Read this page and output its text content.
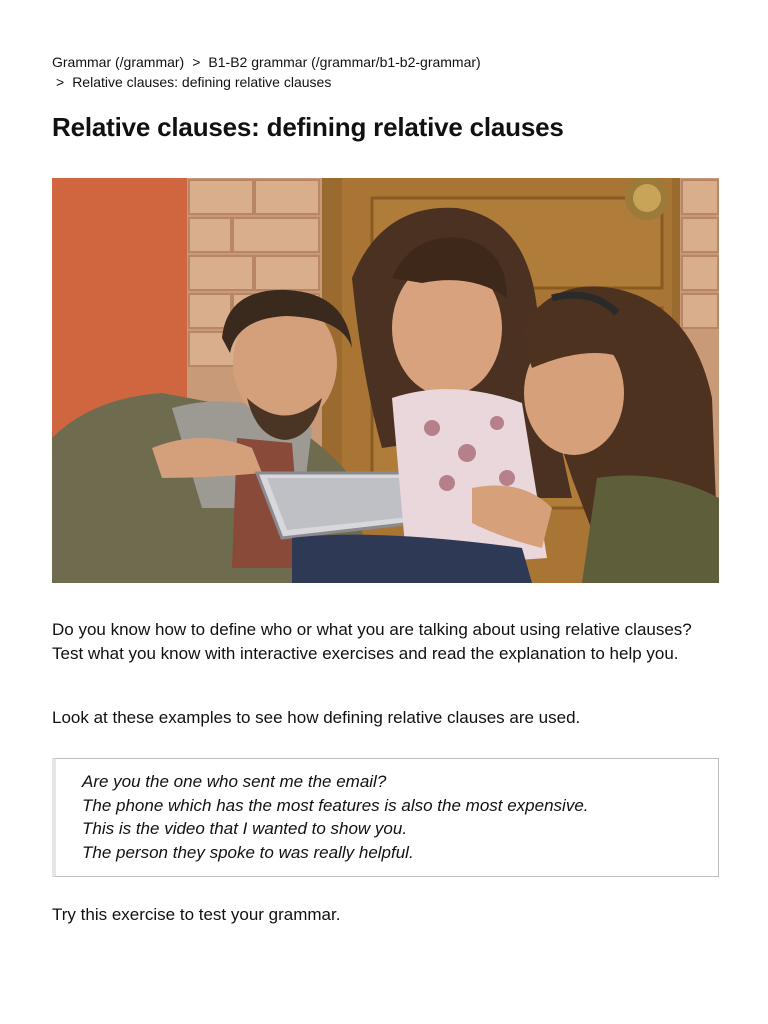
Grammar (/grammar) > B1-B2 grammar (/grammar/b1-b2-grammar)
> Relative clauses: defining relative clauses
Relative clauses: defining relative clauses

Do you know how to define who or what you are talking about using relative clauses? Test what you know with interactive exercises and read the explanation to help you.

Look at these examples to see how defining relative clauses are used.

Are you the one who sent me the email?
The phone which has the most features is also the most expensive.
This is the video that I wanted to show you.
The person they spoke to was really helpful.

Try this exercise to test your grammar.
